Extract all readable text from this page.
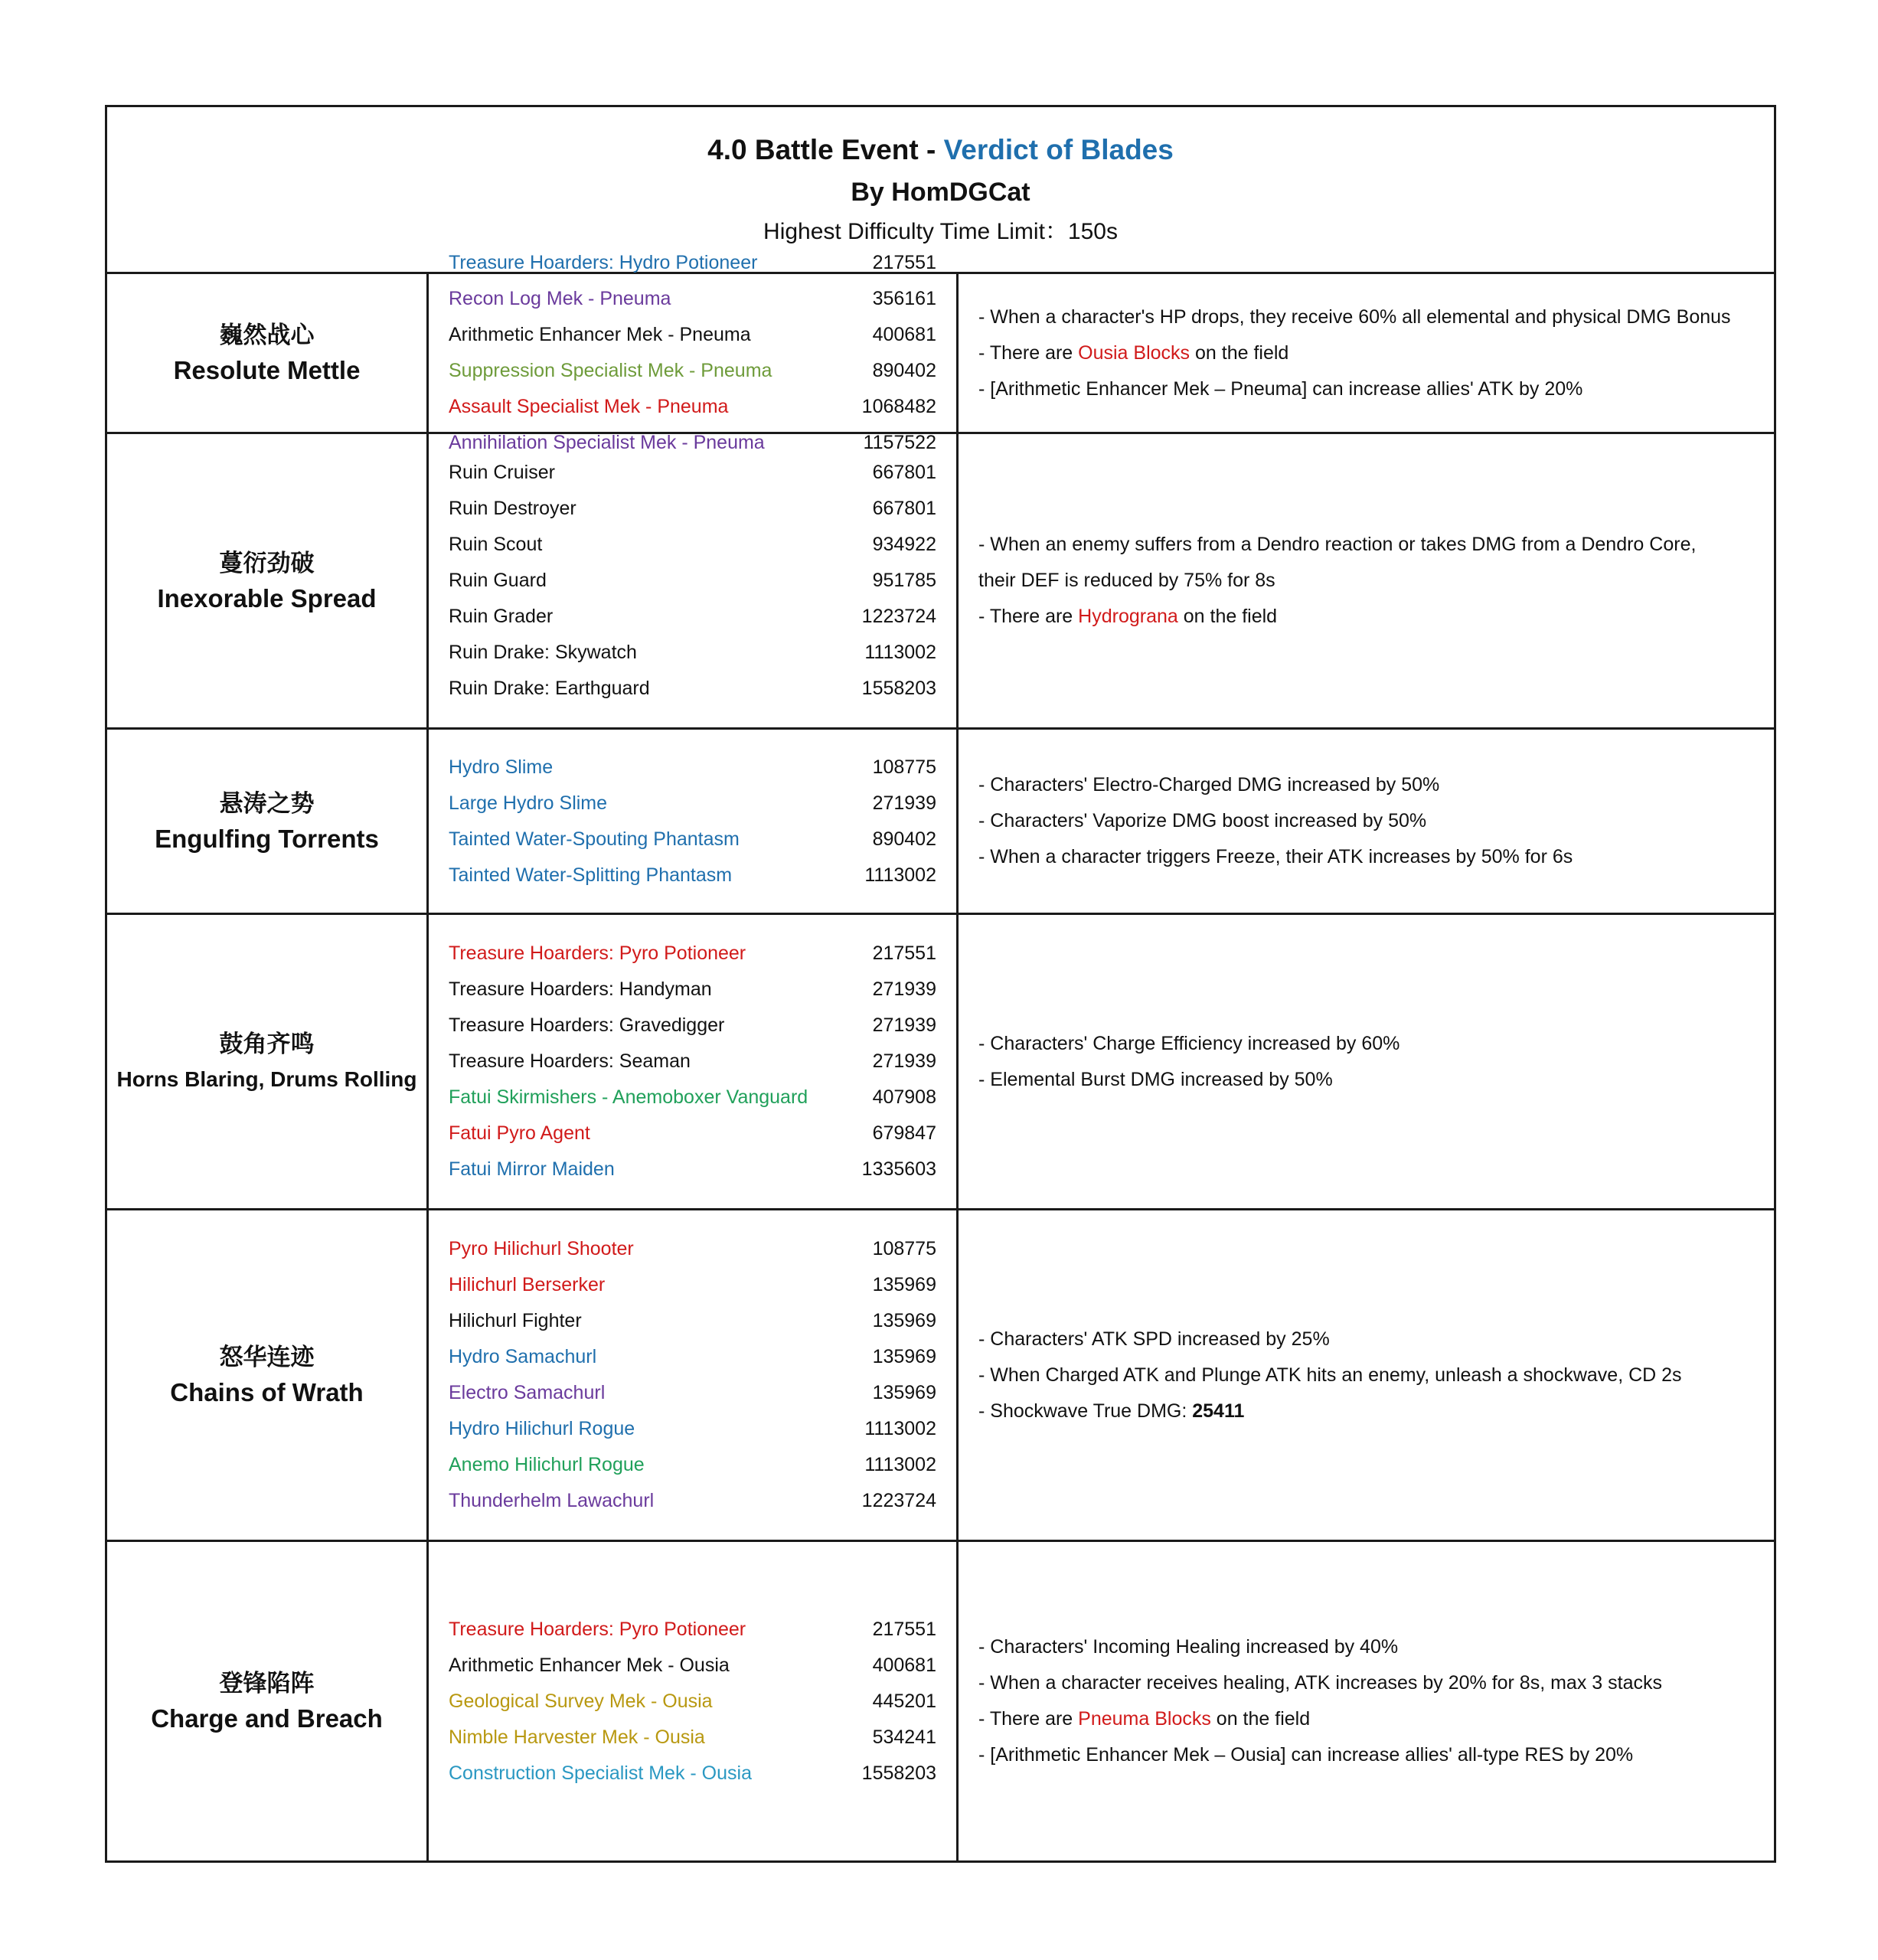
4.0 Battle Event - Verdict of Blades
By HomDGCat
Highest Difficulty Time Limit：150s
巍然战心
Resolute Mettle
Treasure Hoarders: Hydro Potioneer	217551
Recon Log Mek - Pneuma	356161
Arithmetic Enhancer Mek - Pneuma	400681
Suppression Specialist Mek - Pneuma	890402
Assault Specialist Mek - Pneuma	1068482
Annihilation Specialist Mek - Pneuma	1157522
- When a character's HP drops, they receive 60% all elemental and physical DMG Bonus
- There are Ousia Blocks on the field
- [Arithmetic Enhancer Mek – Pneuma] can increase allies' ATK by 20%
蔓衍劲破
Inexorable Spread
Ruin Cruiser	667801
Ruin Destroyer	667801
Ruin Scout	934922
Ruin Guard	951785
Ruin Grader	1223724
Ruin Drake: Skywatch	1113002
Ruin Drake: Earthguard	1558203
- When an enemy suffers from a Dendro reaction or takes DMG from a Dendro Core,
their DEF is reduced by 75% for 8s
- There are Hydrograna on the field
悬涛之势
Engulfing Torrents
Hydro Slime	108775
Large Hydro Slime	271939
Tainted Water-Spouting Phantasm	890402
Tainted Water-Splitting Phantasm	1113002
- Characters' Electro-Charged DMG increased by 50%
- Characters' Vaporize DMG boost increased by 50%
- When a character triggers Freeze, their ATK increases by 50% for 6s
鼓角齐鸣
Horns Blaring, Drums Rolling
Treasure Hoarders: Pyro Potioneer	217551
Treasure Hoarders: Handyman	271939
Treasure Hoarders: Gravedigger	271939
Treasure Hoarders: Seaman	271939
Fatui Skirmishers - Anemoboxer Vanguard	407908
Fatui Pyro Agent	679847
Fatui Mirror Maiden	1335603
- Characters' Charge Efficiency increased by 60%
- Elemental Burst DMG increased by 50%
怒华连迹
Chains of Wrath
Pyro Hilichurl Shooter	108775
Hilichurl Berserker	135969
Hilichurl Fighter	135969
Hydro Samachurl	135969
Electro Samachurl	135969
Hydro Hilichurl Rogue	1113002
Anemo Hilichurl Rogue	1113002
Thunderhelm Lawachurl	1223724
- Characters' ATK SPD increased by 25%
- When Charged ATK and Plunge ATK hits an enemy, unleash a shockwave, CD 2s
- Shockwave True DMG: 25411
登锋陷阵
Charge and Breach
Treasure Hoarders: Pyro Potioneer	217551
Arithmetic Enhancer Mek - Ousia	400681
Geological Survey Mek - Ousia	445201
Nimble Harvester Mek - Ousia	534241
Construction Specialist Mek - Ousia	1558203
- Characters' Incoming Healing increased by 40%
- When a character receives healing, ATK increases by 20% for 8s, max 3 stacks
- There are Pneuma Blocks on the field
- [Arithmetic Enhancer Mek – Ousia] can increase allies' all-type RES by 20%
